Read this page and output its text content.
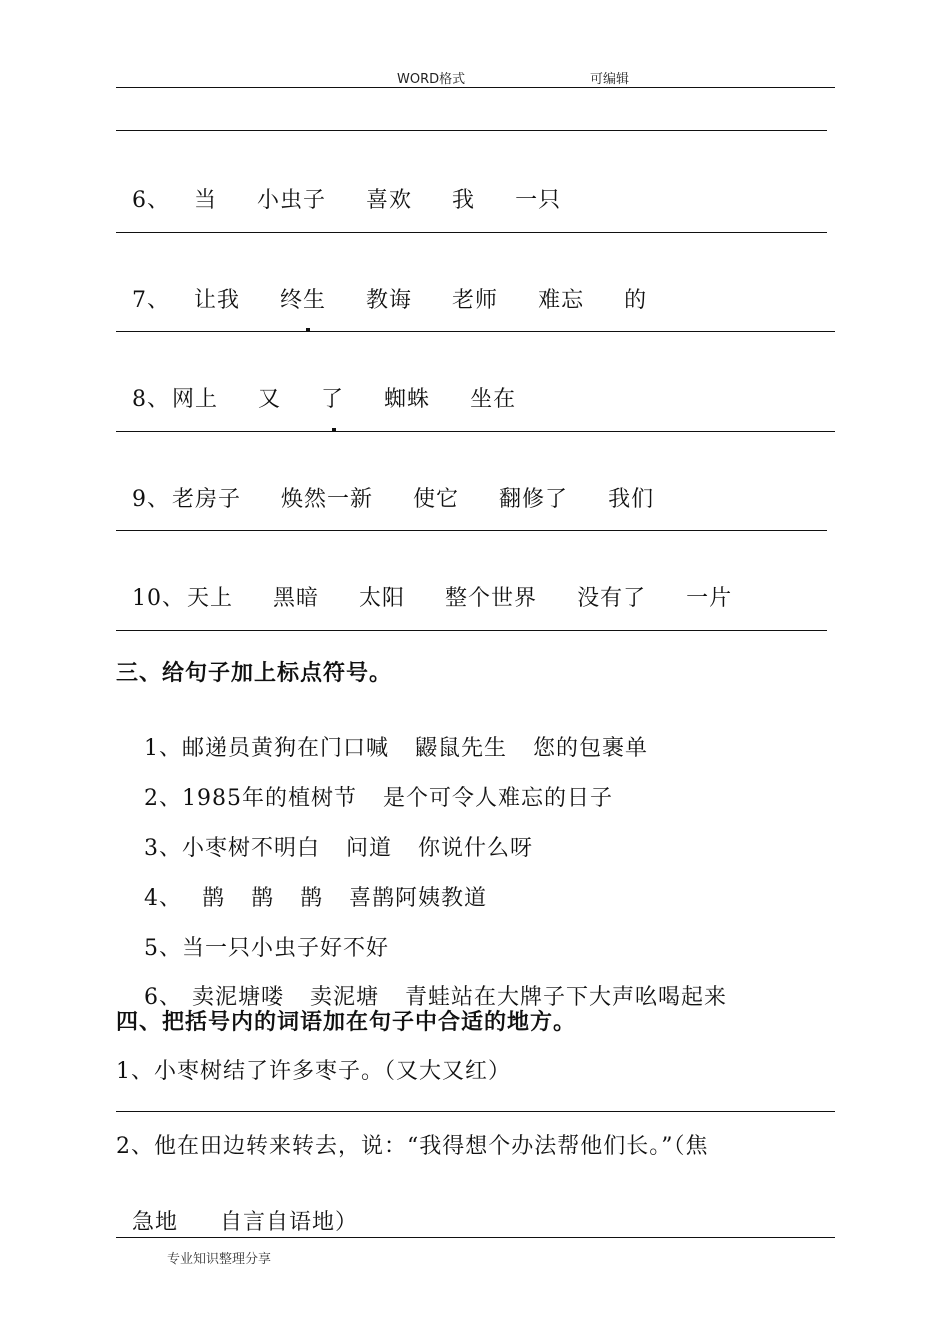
WORD格式	可编辑

6、 当 小虫子 喜欢 我 一只

7、 让我 终生 教诲 老师 难忘 的

8、网上 又 了 蜘蛛 坐在

9、老房子 焕然一新 使它 翻修了 我们

10、天上 黑暗 太阳 整个世界 没有了 一片

三、给句子加上标点符号。

1、邮递员黄狗在门口喊 鼹鼠先生 您的包裹单

2、1985年的植树节 是个可令人难忘的日子

3、小枣树不明白 问道 你说什么呀

4、 鹊 鹊 鹊 喜鹊阿姨教道

5、当一只小虫子好不好

6、 卖泥塘喽 卖泥塘 青蛙站在大牌子下大声吆喝起来

四、把括号内的词语加在句子中合适的地方。
1、小枣树结了许多枣子。（又大又红）
2、他在田边转来转去，说：“我得想个办法帮他们长。”（焦

急地 自言自语地）

专业知识整理分享
